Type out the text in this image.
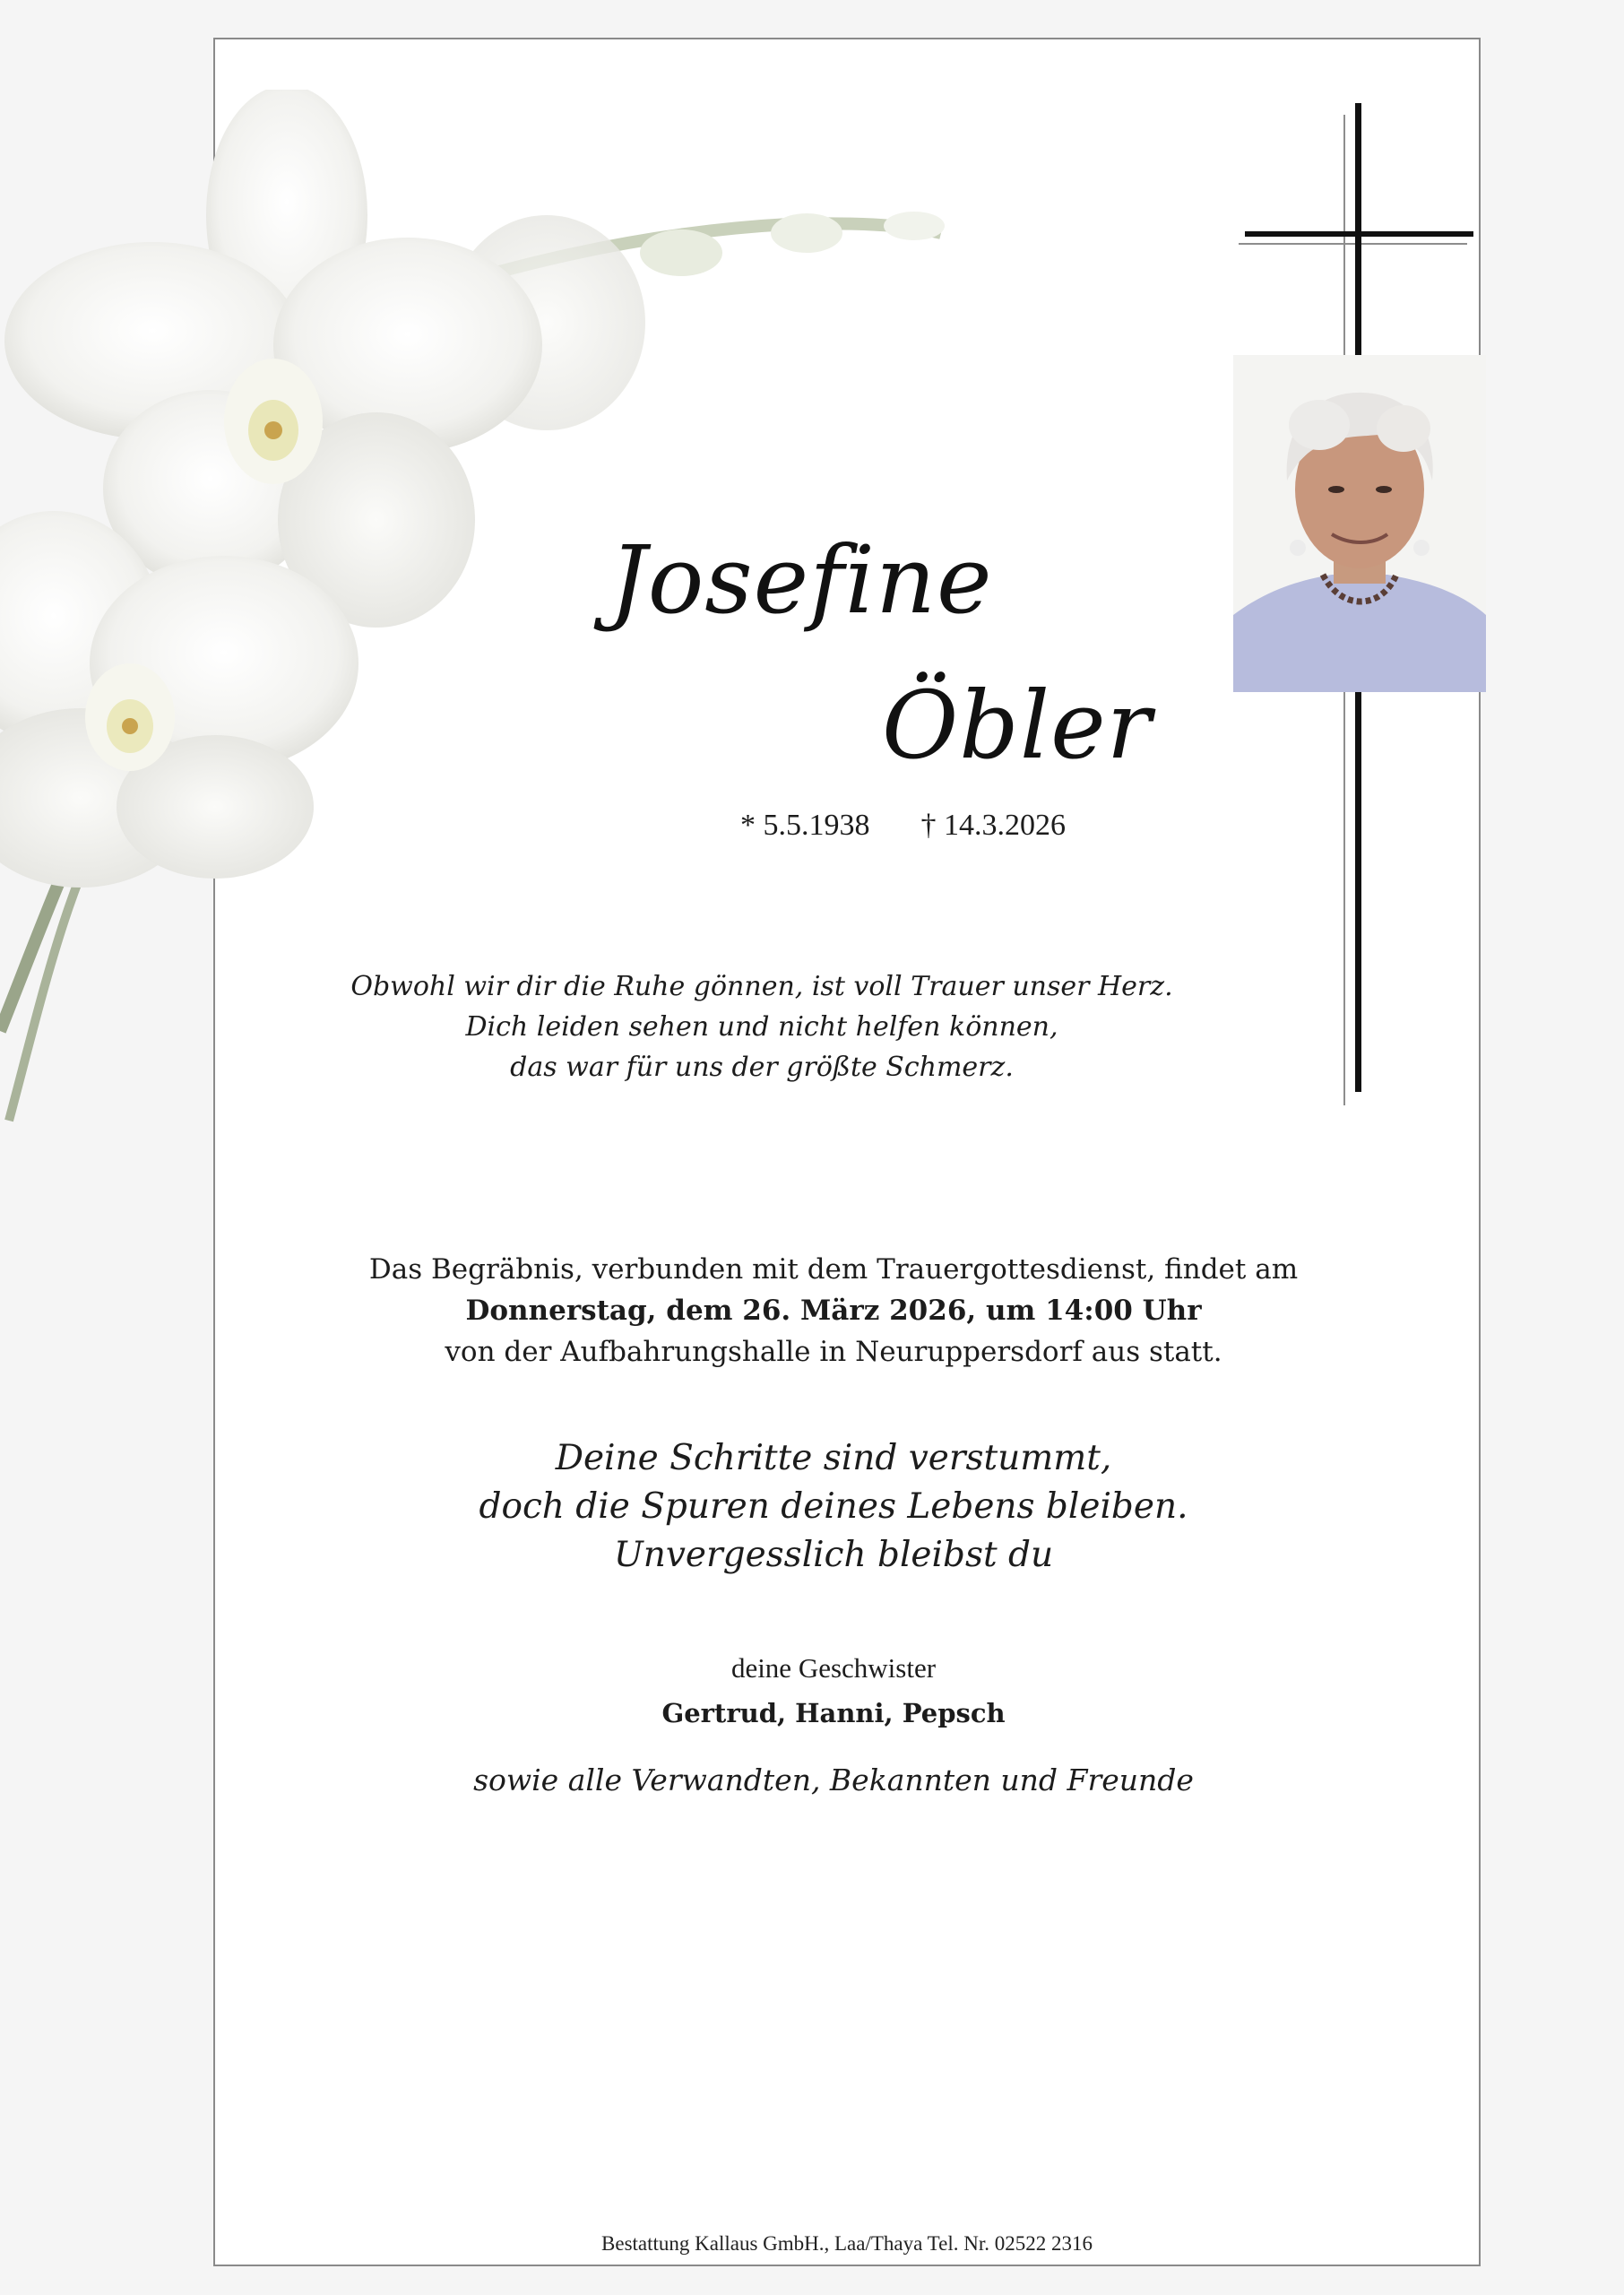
Josefine
Öbler
* 5.5.1938 † 14.3.2026
Obwohl wir dir die Ruhe gönnen, ist voll Trauer unser Herz.
Dich leiden sehen und nicht helfen können,
das war für uns der größte Schmerz.
Das Begräbnis, verbunden mit dem Trauergottesdienst, findet am
Donnerstag, dem 26. März 2026, um 14:00 Uhr
von der Aufbahrungshalle in Neuruppersdorf aus statt.
Deine Schritte sind verstummt,
doch die Spuren deines Lebens bleiben.
Unvergesslich bleibst du
deine Geschwister
Gertrud, Hanni, Pepsch
sowie alle Verwandten, Bekannten und Freunde
Bestattung Kallaus GmbH., Laa/Thaya Tel. Nr. 02522 2316
